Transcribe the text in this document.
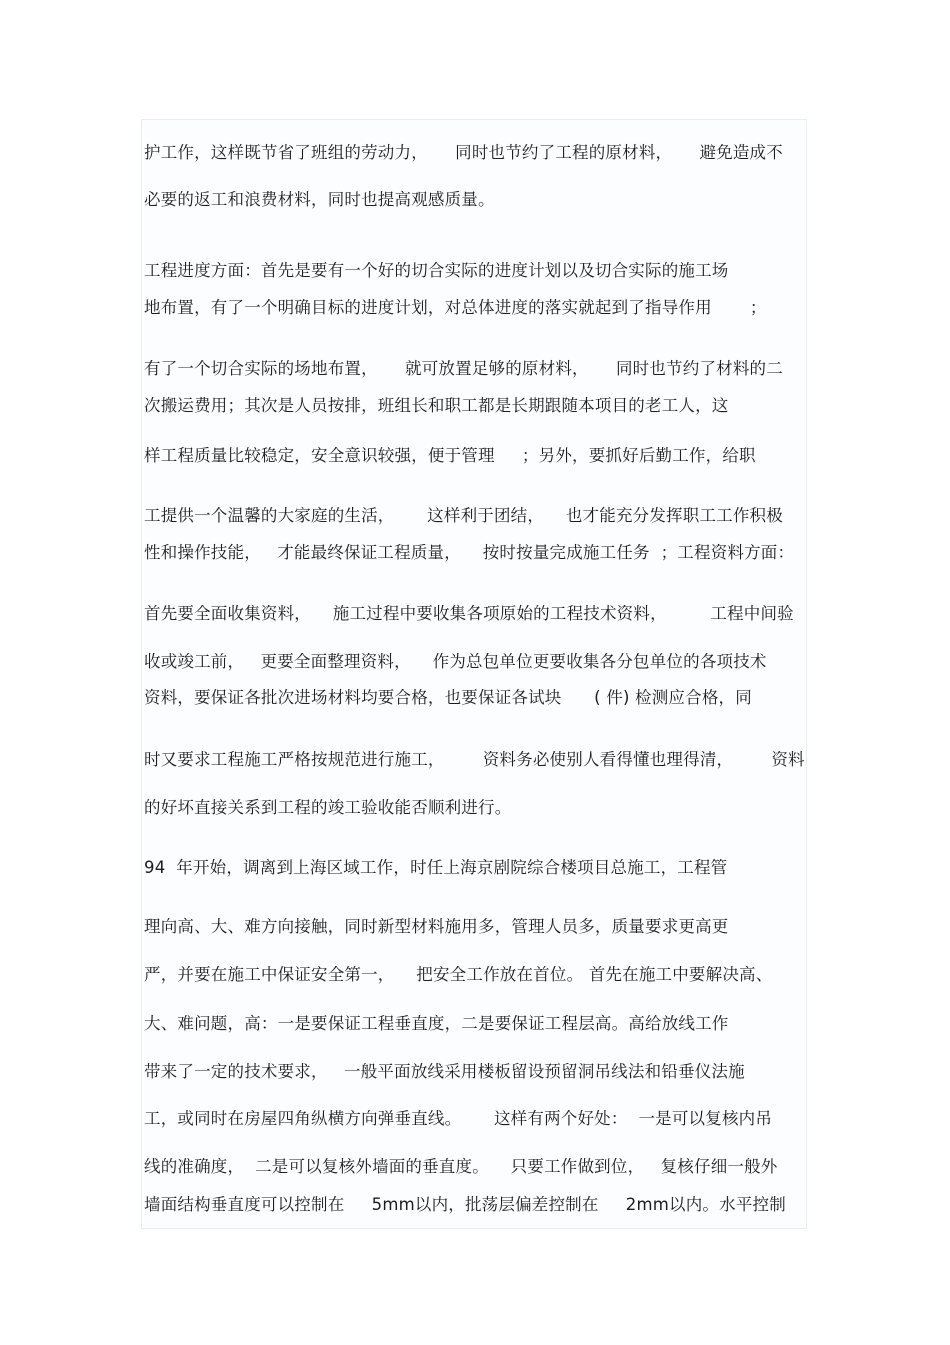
护工作，这样既节省了班组的劳动力，     同时也节约了工程的原材料，     避免造成不
必要的返工和浪费材料，同时也提高观感质量。
工程进度方面：首先是要有一个好的切合实际的进度计划以及切合实际的施工场
地布置，有了一个明确目标的进度计划，对总体进度的落实就起到了指导作用       ；
有了一个切合实际的场地布置，     就可放置足够的原材料，     同时也节约了材料的二
次搬运费用；其次是人员按排，班组长和职工都是长期跟随本项目的老工人，这
样工程质量比较稳定，安全意识较强，便于管理     ；另外，要抓好后勤工作，给职
工提供一个温馨的大家庭的生活，      这样利于团结，    也才能充分发挥职工工作积极
性和操作技能，   才能最终保证工程质量，    按时按量完成施工任务  ；工程资料方面：
首先要全面收集资料，    施工过程中要收集各项原始的工程技术资料，        工程中间验
收或竣工前，   更要全面整理资料，    作为总包单位更要收集各分包单位的各项技术
资料，要保证各批次进场材料均要合格，也要保证各试块      ( 件) 检测应合格，同
时又要求工程施工严格按规范进行施工，       资料务必使别人看得懂也理得清，       资料
的好坏直接关系到工程的竣工验收能否顺利进行。
94  年开始，调离到上海区域工作，时任上海京剧院综合楼项目总施工，工程管
理向高、大、难方向接触，同时新型材料施用多，管理人员多，质量要求更高更
严，并要在施工中保证安全第一，    把安全工作放在首位。 首先在施工中要解决高、
大、难问题，高：一是要保证工程垂直度，二是要保证工程层高。高给放线工作
带来了一定的技术要求，   一般平面放线采用楼板留设预留洞吊线法和铅垂仪法施
工，或同时在房屋四角纵横方向弹垂直线。      这样有两个好处：  一是可以复核内吊
线的准确度，  二是可以复核外墙面的垂直度。    只要工作做到位，   复核仔细一般外
墙面结构垂直度可以控制在     5mm以内，批荡层偏差控制在     2mm以内。水平控制
